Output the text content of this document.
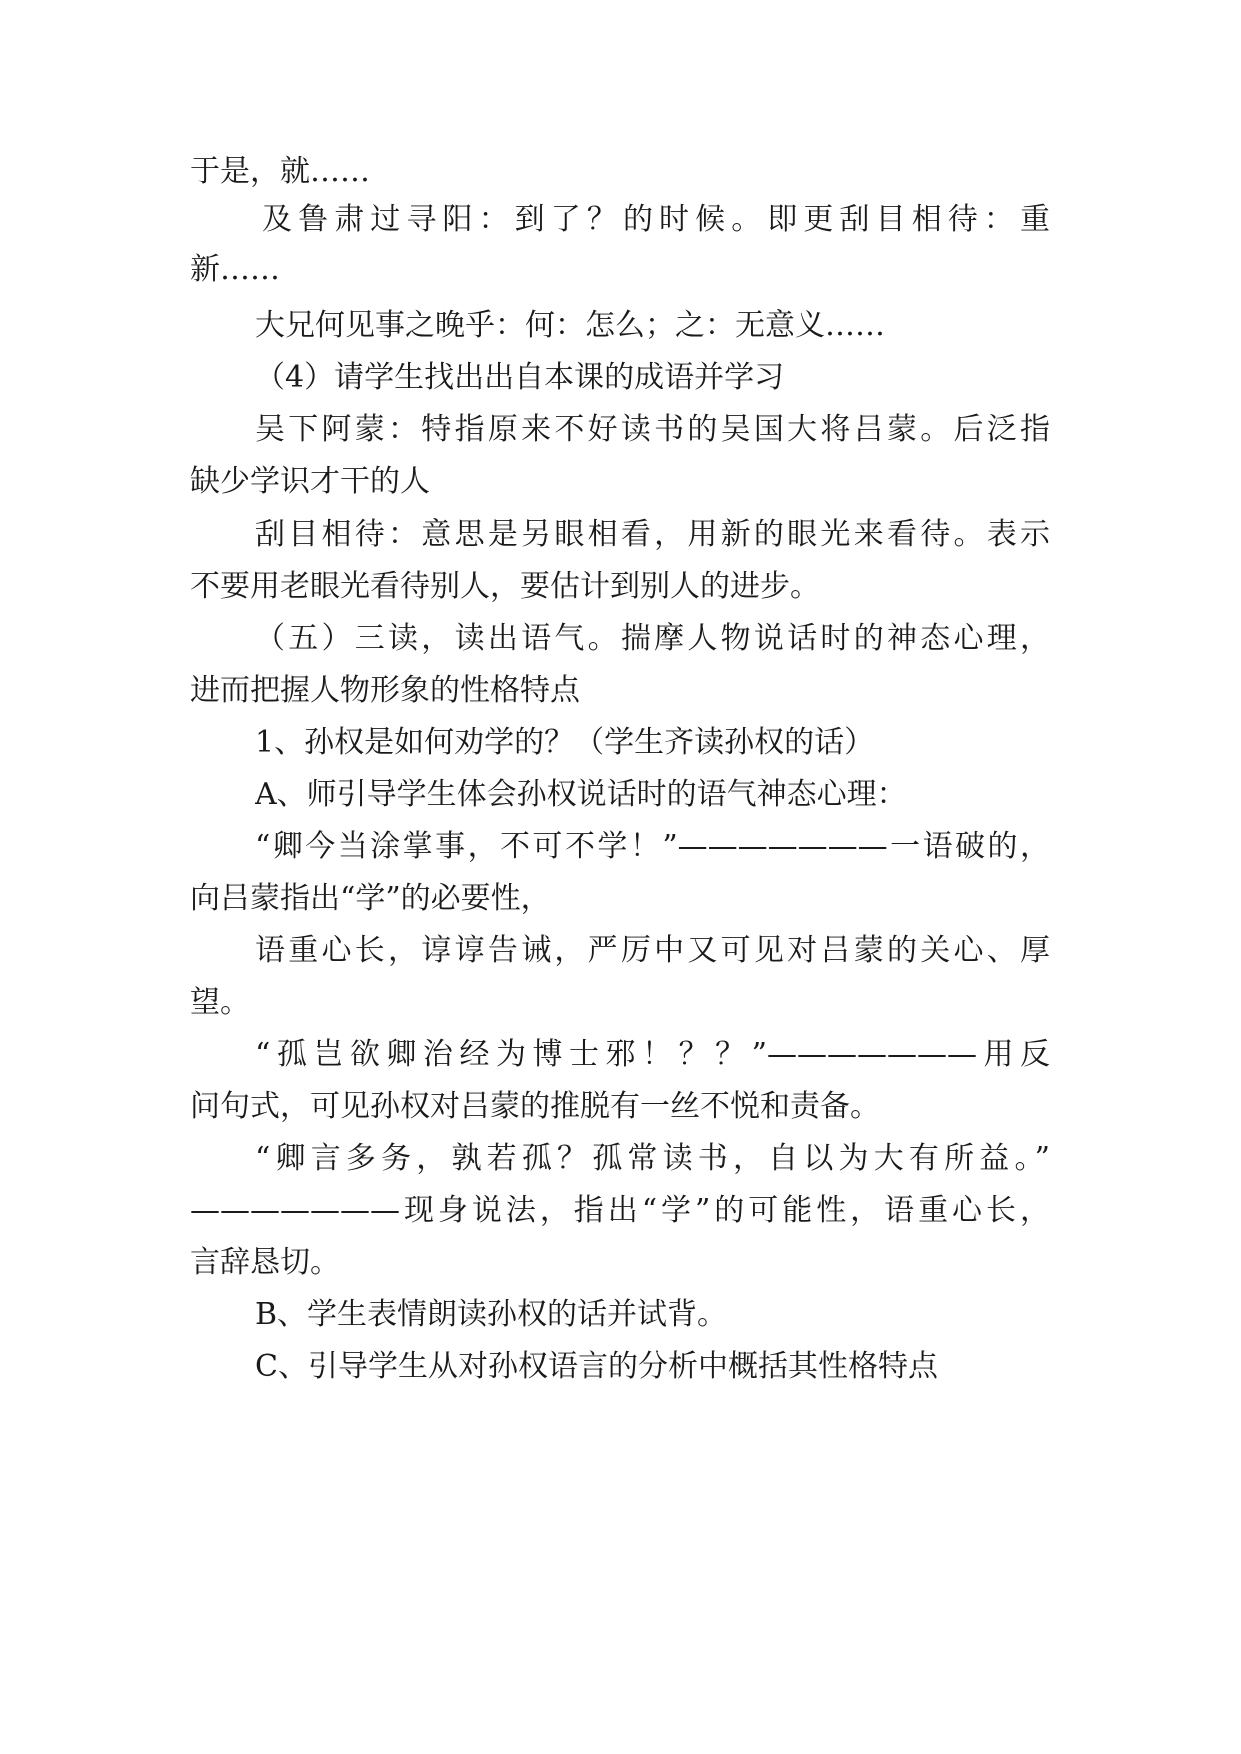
于是，就……
及鲁肃过寻阳：到了？的时候。即更刮目相待：重
新……
大兄何见事之晚乎：何：怎么；之：无意义……
（4）请学生找出出自本课的成语并学习
吴下阿蒙：特指原来不好读书的吴国大将吕蒙。后泛指
缺少学识才干的人
刮目相待：意思是另眼相看，用新的眼光来看待。表示
不要用老眼光看待别人，要估计到别人的进步。
（五）三读，读出语气。揣摩人物说话时的神态心理，
进而把握人物形象的性格特点
1、孙权是如何劝学的？（学生齐读孙权的话）
A、师引导学生体会孙权说话时的语气神态心理：
“卿今当涂掌事，不可不学！”———————一语破的，
向吕蒙指出“学”的必要性，
语重心长，谆谆告诫，严厉中又可见对吕蒙的关心、厚
望。
“孤岂欲卿治经为博士邪！？？”———————用反
问句式，可见孙权对吕蒙的推脱有一丝不悦和责备。
“卿言多务，孰若孤？孤常读书，自以为大有所益。”
———————现身说法，指出“学”的可能性，语重心长，
言辞恳切。
B、学生表情朗读孙权的话并试背。
C、引导学生从对孙权语言的分析中概括其性格特点
